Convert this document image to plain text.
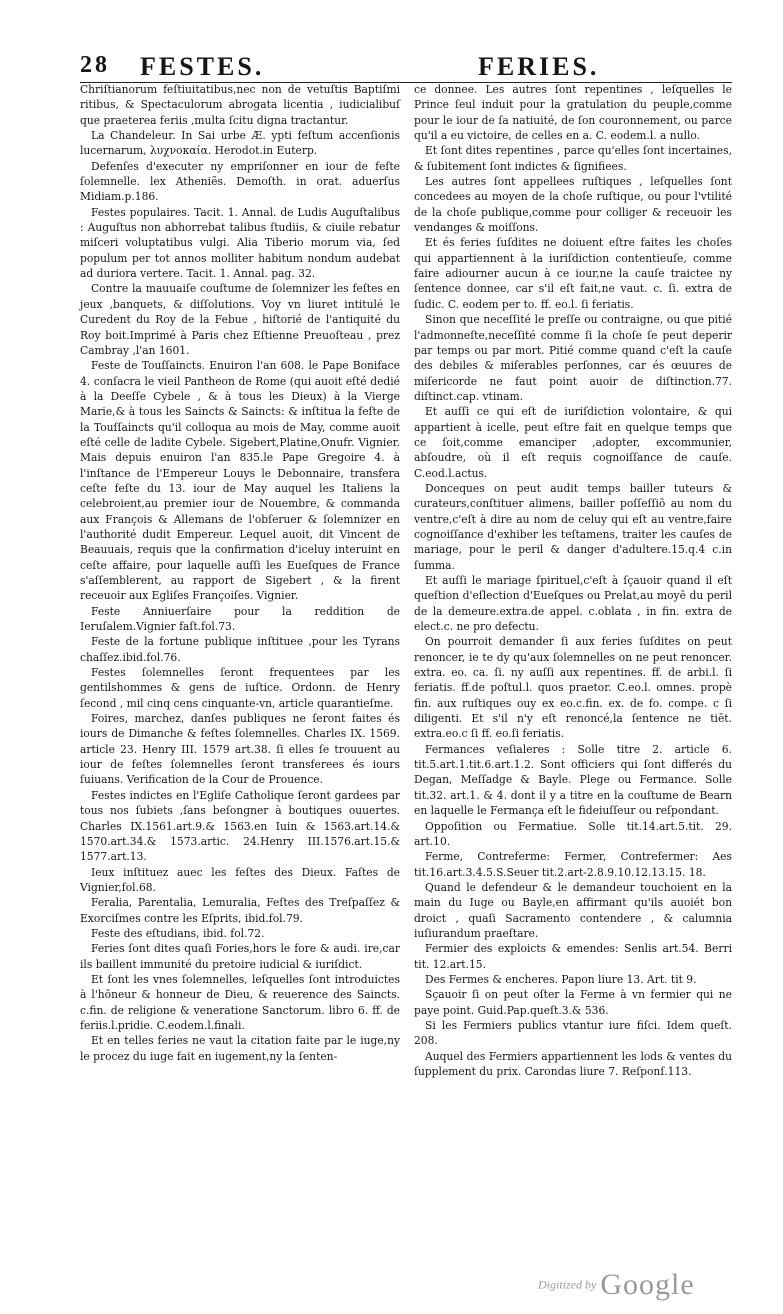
28 FESTES.	FERIES.

Chriſtianorum feſtiuitatibus,nec non de vetuſtis Baptiſmi ritibus, & Spectaculorum abrogata licentia , iudicialibuſ que praeterea feriis ,multa ſcitu digna tractantur.

La Chandeleur. In Sai urbe Æ. ypti feſtum accenſionis lucernarum, λυχνοκαία. Herodot.in Euterp.

Defenſes d'executer ny empriſonner en iour de feſte ſolemnelle. lex Atheniẽs. Demoſth. in orat. aduerſus Midiam.p.186.

Festes populaires. Tacit. 1. Annal. de Ludis Auguſtalibus : Auguſtus non abhorrebat talibus ſtudiis, & ciuile rebatur miſceri voluptatibus vulgi. Alia Tiberio morum via, ſed populum per tot annos molliter habitum nondum audebat ad duriora vertere. Tacit. 1. Annal. pag. 32.

Contre la mauuaiſe couſtume de ſolemnizer les feſtes en jeux ,banquets, & diſſolutions. Voy vn liuret intitulé le Curedent du Roy de la Febue , hiſtorié de l'antiquité du Roy boit.Imprimé à Paris chez Eſtienne Preuoſteau , prez Cambray ,l'an 1601.

Feste de Touſſaincts. Enuiron l'an 608. le Pape Boniface 4. conſacra le vieil Pantheon de Rome (qui auoit eſté dedié à la Deeſſe Cybele , & à tous les Dieux) à la Vierge Marie,& à tous les Saincts & Saincts: & inſtitua la feſte de la Touſſaincts qu'il colloqua au mois de May, comme auoit eſté celle de ladite Cybele. Sigebert,Platine,Onufr. Vignier. Mais depuis enuiron l'an 835.le Pape Gregoire 4. à l'inſtance de l'Empereur Louys le Debonnaire, transfera ceſte feſte du 13. iour de May auquel les Italiens la celebroient,au premier iour de Nouembre, & commanda aux François & Allemans de l'obſeruer & ſolemnizer en l'authorité dudit Empereur. Lequel auoit, dit Vincent de Beauuais, requis que la confirmation d'iceluy interuint en ceſte affaire, pour laquelle auſſi les Eueſques de France s'aſſemblerent, au rapport de Sigebert , & la firent receuoir aux Egliſes Françoiſes. Vignier.

Feste Anniuerſaire pour la reddition de Ieruſalem.Vignier faſt.fol.73.

Feste de la fortune publique inſtituee ,pour les Tyrans chaſſez.ibid.fol.76.

Festes ſolemnelles ſeront frequentees par les gentilshommes & gens de iuſtice. Ordonn. de Henry ſecond , mil cinq cens cinquante-vn, article quarantieſme.

Foires, marchez, danſes publiques ne ſeront faites és iours de Dimanche & feſtes ſolemnelles. Charles IX. 1569. article 23. Henry III. 1579 art.38. ſi elles ſe trouuent au iour de feſtes ſolemnelles ſeront transferees és iours ſuiuans. Verification de la Cour de Prouence.

Festes indictes en l'Egliſe Catholique ſeront gardees par tous nos ſubiets ,ſans beſongner à boutiques ouuertes. Charles IX.1561.art.9.& 1563.en Iuin & 1563.art.14.& 1570.art.34.& 1573.artic. 24.Henry III.1576.art.15.& 1577.art.13.

Ieux inſtituez auec les feſtes des Dieux. Faſtes de Vignier,fol.68.

Feralia, Parentalia, Lemuralia, Feſtes des Treſpaſſez & Exorciſmes contre les Eſprits, ibid.fol.79.

Feste des eſtudians, ibid. fol.72.

Feries ſont dites quaſi Fories,hors le fore & audi. ire,car ils baillent immunité du pretoire iudicial & iuriſdict.

Et ſont les vnes ſolemnelles, leſquelles ſont introduictes à l'hōneur & honneur de Dieu, & reuerence des Saincts. c.fin. de religione & veneratione Sanctorum. libro 6. ff. de feriis.l.pridie. C.eodem.l.finali.

Et en telles feries ne vaut la citation faite par le iuge,ny le procez du iuge fait en iugement,ny la ſenten-

ce donnee. Les autres ſont repentines , leſquelles le Prince ſeul induit pour la gratulation du peuple,comme pour le iour de ſa natiuité, de ſon couronnement, ou parce qu'il a eu victoire, de celles en a. C. eodem.l. a nullo.

Et ſont dites repentines , parce qu'elles ſont incertaines, & ſubitement ſont indictes & ſignifiees.

Les autres ſont appellees ruſtiques , leſquelles ſont concedees au moyen de la choſe ruſtique, ou pour l'vtilité de la choſe publique,comme pour colliger & receuoir les vendanges & moiſſons.

Et és feries ſuſdites ne doiuent eſtre faites les choſes qui appartiennent à la iuriſdiction contentieuſe, comme faire adiourner aucun à ce iour,ne la cauſe traictee ny ſentence donnee, car s'il eſt fait,ne vaut. c. ſi. extra de ſudic. C. eodem per to. ff. eo.l. ſi feriatis.

Sinon que neceſſité le preſſe ou contraigne, ou que pitié l'admonneſte,neceſſité comme ſi la choſe ſe peut deperir par temps ou par mort. Pitié comme quand c'eſt la cauſe des debiles & miſerables perſonnes, car és œuures de miſericorde ne faut point auoir de diſtinction.77. diſtinct.cap. vtinam.

Et auſſi ce qui eſt de iuriſdiction volontaire, & qui appartient à icelle, peut eſtre fait en quelque temps que ce ſoit,comme emanciper ,adopter, excommunier, abſoudre, où il eſt requis cognoiſſance de cauſe. C.eod.l.actus.

Donceques on peut audit temps bailler tuteurs & curateurs,conſtituer alimens, bailler poſſeſſiō au nom du ventre,c'eſt à dire au nom de celuy qui eſt au ventre,faire cognoiſſance d'exhiber les teſtamens, traiter les cauſes de mariage, pour le peril & danger d'adultere.15.q.4 c.in ſumma.

Et auſſi le mariage ſpirituel,c'eſt à ſçauoir quand il eſt queſtion d'eſlection d'Eueſques ou Prelat,au moyē du peril de la demeure.extra.de appel. c.oblata , in fin. extra de elect.c. ne pro defectu.

On pourroit demander ſi aux feries ſuſdites on peut renoncer, ie te dy qu'aux ſolemnelles on ne peut renoncer. extra. eo. ca. ſi. ny auſſi aux repentines. ff. de arbi.l. ſi feriatis. ff.de poſtul.l. quos praetor. C.eo.l. omnes. propè fin. aux ruſtiques ouy ex eo.c.fin. ex. de fo. compe. c ſi diligenti. Et s'il n'y eſt renoncé,la ſentence ne tiēt. extra.eo.c ſi ff. eo.ſi feriatis.

Fermances veſialeres : Solle titre 2. article 6. tit.5.art.1.tit.6.art.1.2. Sont officiers qui ſont differés du Degan, Meſſadge & Bayle. Plege ou Fermance. Solle tit.32. art.1. & 4. dont il y a titre en la couſtume de Bearn en laquelle le Fermança eſt le fideiuſſeur ou reſpondant.

Oppoſition ou Fermatiue. Solle tit.14.art.5.tit. 29. art.10.

Ferme, Contreferme: Fermer, Contrefermer: Aes tit.16.art.3.4.5.S.Seuer tit.2.art-2.8.9.10.12.13.15. 18.

Quand le defendeur & le demandeur touchoient en la main du Iuge ou Bayle,en affirmant qu'ils auoiét bon droict , quaſi Sacramento contendere , & calumnia iuſiurandum praeſtare.

Fermier des exploicts & emendes: Senlis art.54. Berri tit. 12.art.15.

Des Fermes & encheres. Papon liure 13. Art. tit 9.

Sçauoir ſi on peut oſter la Ferme à vn fermier qui ne paye point. Guid.Pap.queſt.3.& 536.

Si les Fermiers publics vtantur iure fiſci. Idem queſt. 208.

Auquel des Fermiers appartiennent les lods & ventes du ſupplement du prix. Carondas liure 7. Reſponſ.113.

Digitized by Google
